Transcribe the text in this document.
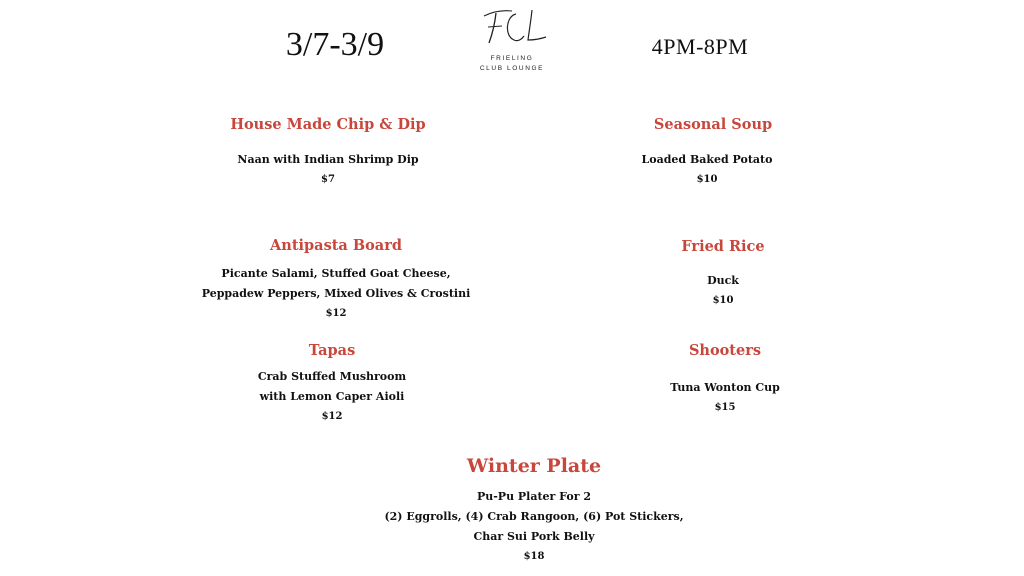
3/7-3/9	FRIELING
CLUB LOUNGE
4PM-8PM
House Made Chip & Dip
Naan with Indian Shrimp Dip
$7
Seasonal Soup
Loaded Baked Potato
$10
Antipasta Board
Picante Salami, Stuffed Goat Cheese,
Peppadew Peppers, Mixed Olives & Crostini
$12
Fried Rice
Duck
$10
Tapas
Crab Stuffed Mushroom
with Lemon Caper Aioli
$12
Shooters
Tuna Wonton Cup
$15
Winter Plate
Pu-Pu Plater For 2
(2) Eggrolls, (4) Crab Rangoon, (6) Pot Stickers,
Char Sui Pork Belly
$18
